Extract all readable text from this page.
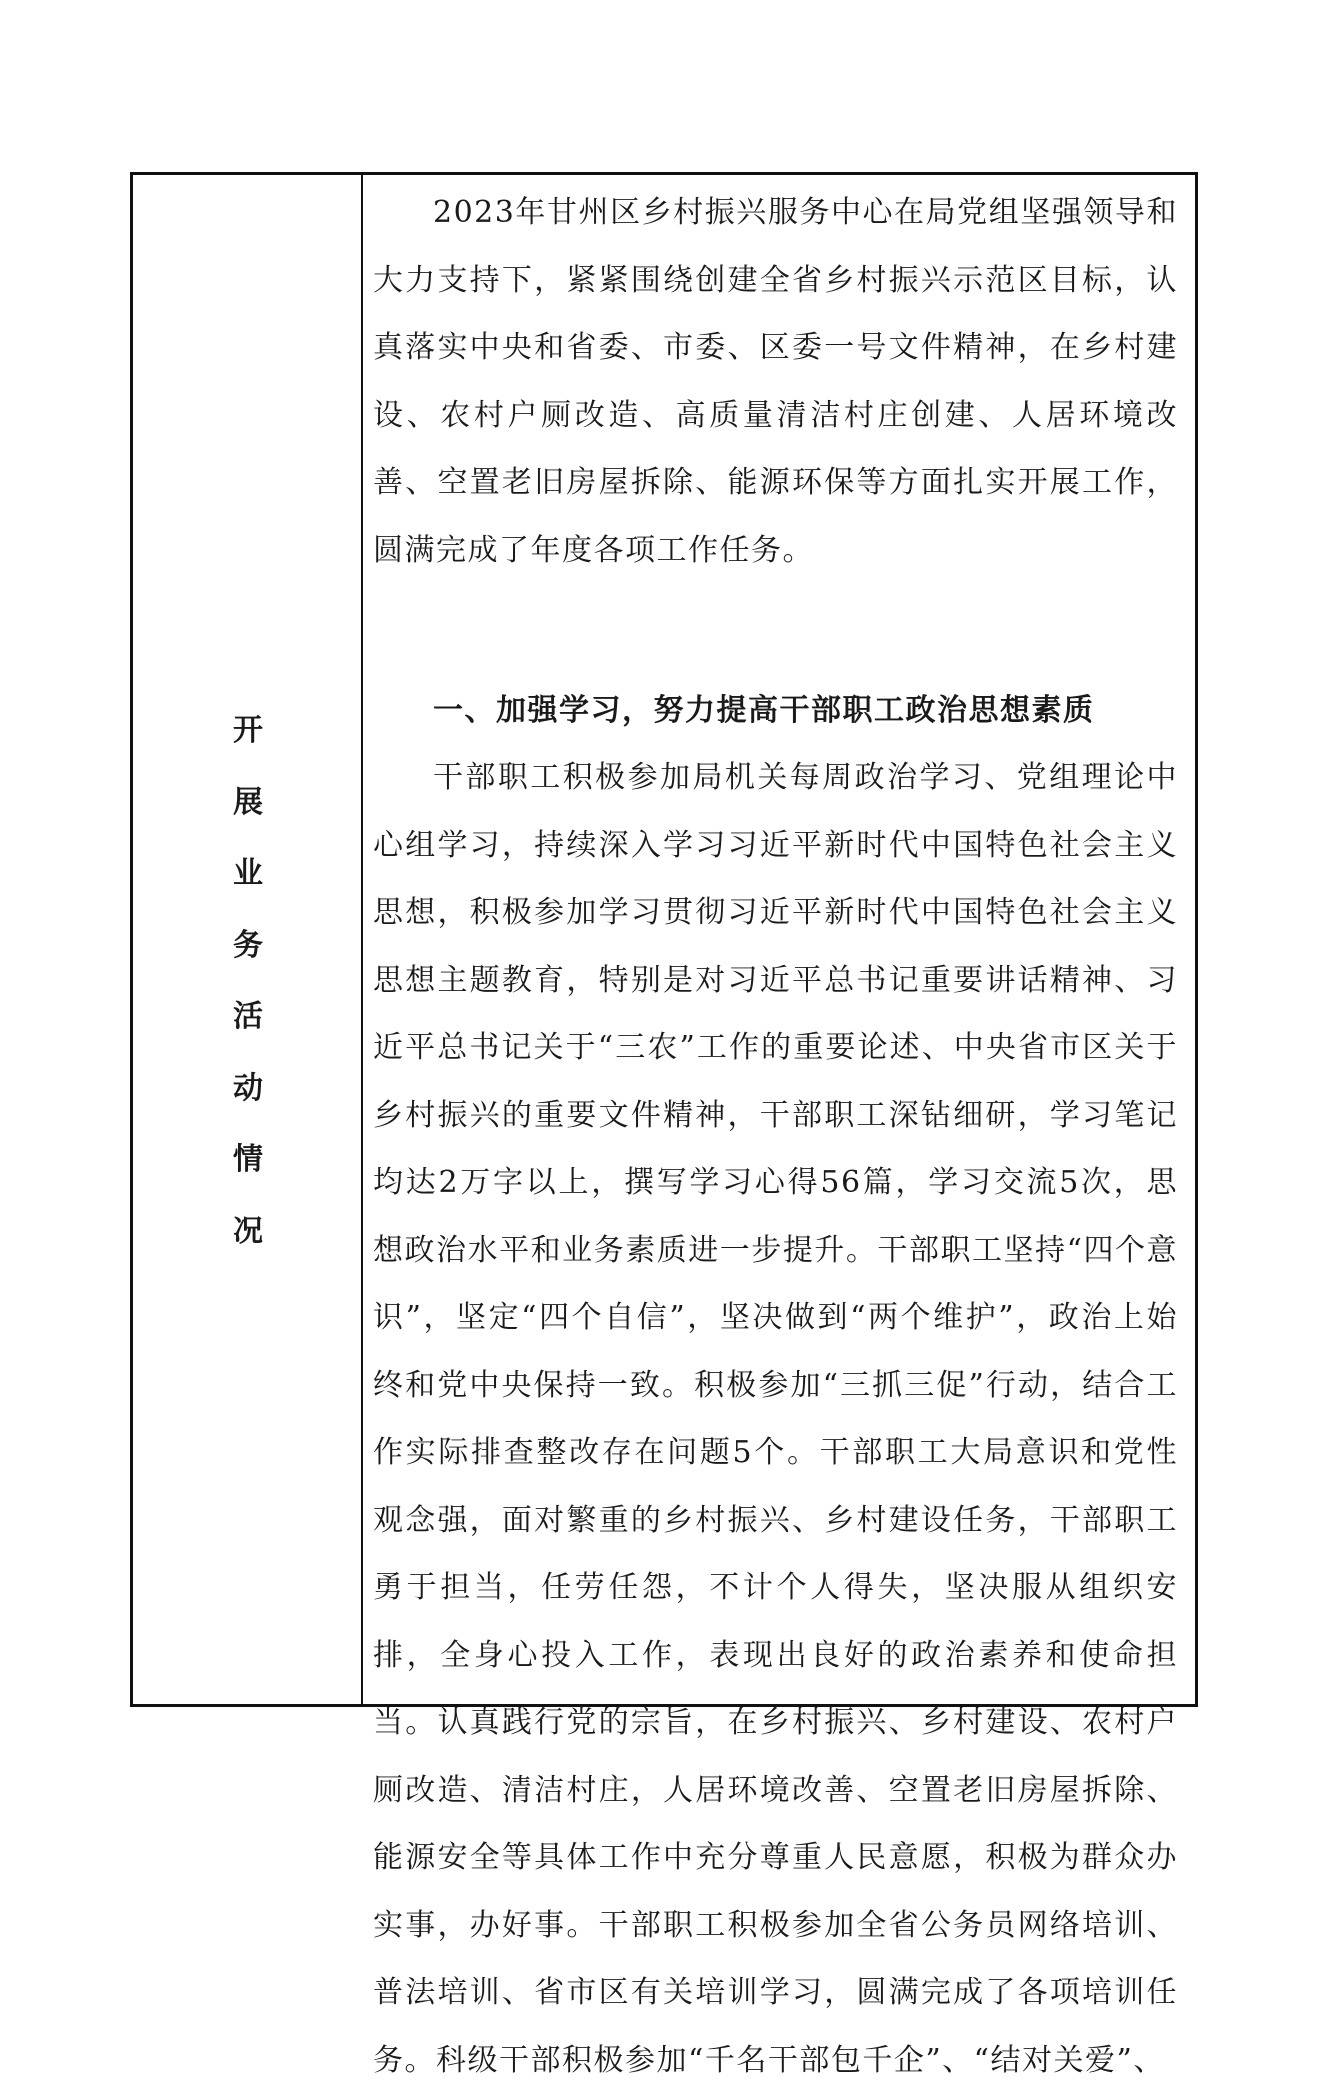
开
展
业
务
活
动
情
况

2023年甘州区乡村振兴服务中心在局党组坚强领导和大力支持下，紧紧围绕创建全省乡村振兴示范区目标，认真落实中央和省委、市委、区委一号文件精神，在乡村建设、农村户厕改造、高质量清洁村庄创建、人居环境改善、空置老旧房屋拆除、能源环保等方面扎实开展工作，圆满完成了年度各项工作任务。

一、加强学习，努力提高干部职工政治思想素质

干部职工积极参加局机关每周政治学习、党组理论中心组学习，持续深入学习习近平新时代中国特色社会主义思想，积极参加学习贯彻习近平新时代中国特色社会主义思想主题教育，特别是对习近平总书记重要讲话精神、习近平总书记关于“三农”工作的重要论述、中央省市区关于乡村振兴的重要文件精神，干部职工深钻细研，学习笔记均达2万字以上，撰写学习心得56篇，学习交流5次，思想政治水平和业务素质进一步提升。干部职工坚持“四个意识”，坚定“四个自信”，坚决做到“两个维护”，政治上始终和党中央保持一致。积极参加“三抓三促”行动，结合工作实际排查整改存在问题5个。干部职工大局意识和党性观念强，面对繁重的乡村振兴、乡村建设任务，干部职工勇于担当，任劳任怨，不计个人得失，坚决服从组织安排，全身心投入工作，表现出良好的政治素养和使命担当。认真践行党的宗旨，在乡村振兴、乡村建设、农村户厕改造、清洁村庄，人居环境改善、空置老旧房屋拆除、能源安全等具体工作中充分尊重人民意愿，积极为群众办实事，办好事。干部职工积极参加全省公务员网络培训、普法培训、省市区有关培训学习，圆满完成了各项培训任务。科级干部积极参加“千名干部包千企”、“结对关爱”、
